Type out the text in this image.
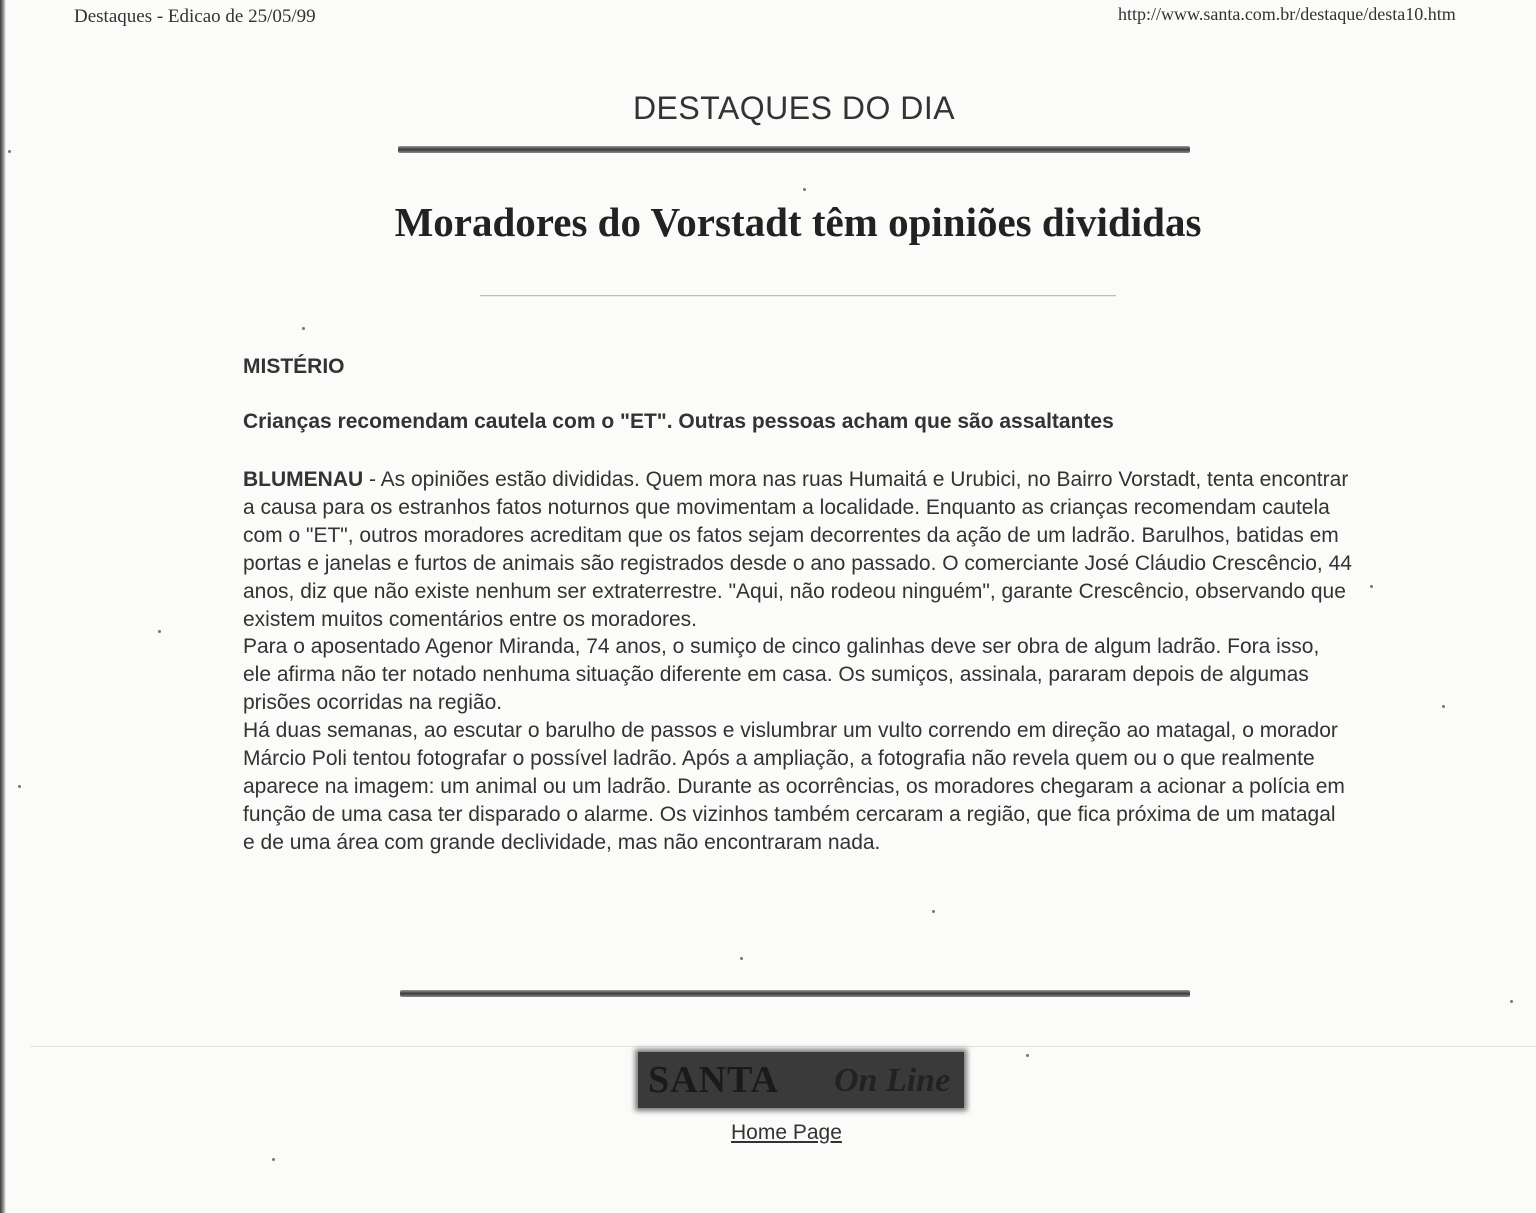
Destaques - Edicao de 25/05/99	http://www.santa.com.br/destaque/desta10.htm
DESTAQUES DO DIA
Moradores do Vorstadt têm opiniões divididas
MISTÉRIO
Crianças recomendam cautela com o "ET". Outras pessoas acham que são assaltantes

BLUMENAU - As opiniões estão divididas. Quem mora nas ruas Humaitá e Urubici, no Bairro Vorstadt, tenta encontrar a causa para os estranhos fatos noturnos que movimentam a localidade. Enquanto as crianças recomendam cautela com o "ET", outros moradores acreditam que os fatos sejam decorrentes da ação de um ladrão. Barulhos, batidas em portas e janelas e furtos de animais são registrados desde o ano passado. O comerciante José Cláudio Crescêncio, 44 anos, diz que não existe nenhum ser extraterrestre. "Aqui, não rodeou ninguém", garante Crescêncio, observando que existem muitos comentários entre os moradores.

Para o aposentado Agenor Miranda, 74 anos, o sumiço de cinco galinhas deve ser obra de algum ladrão. Fora isso, ele afirma não ter notado nenhuma situação diferente em casa. Os sumiços, assinala, pararam depois de algumas prisões ocorridas na região.

Há duas semanas, ao escutar o barulho de passos e vislumbrar um vulto correndo em direção ao matagal, o morador Márcio Poli tentou fotografar o possível ladrão. Após a ampliação, a fotografia não revela quem ou o que realmente aparece na imagem: um animal ou um ladrão. Durante as ocorrências, os moradores chegaram a acionar a polícia em função de uma casa ter disparado o alarme. Os vizinhos também cercaram a região, que fica próxima de um matagal e de uma área com grande declividade, mas não encontraram nada.

SANTA On Line
Home Page
